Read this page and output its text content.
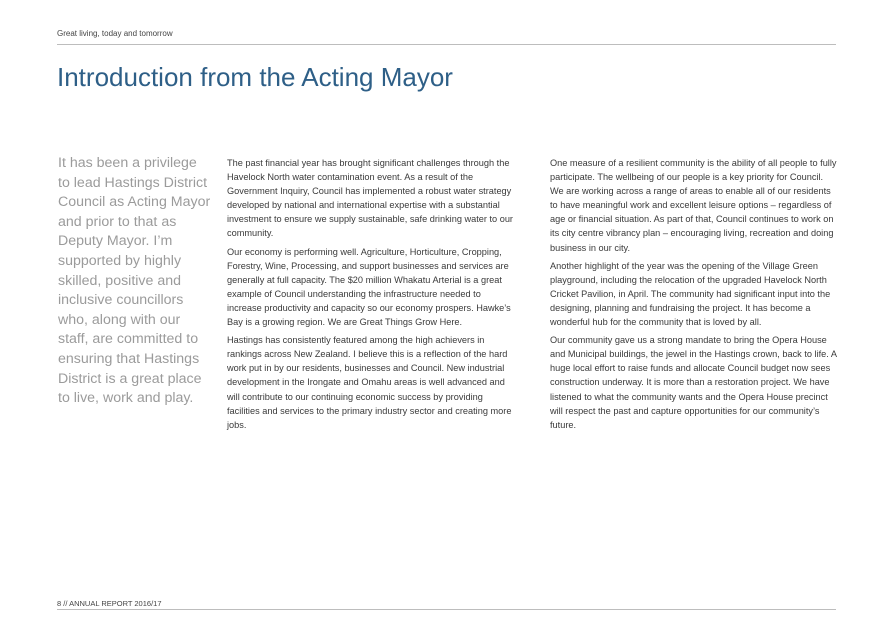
Great living, today and tomorrow
Introduction from the Acting Mayor
It has been a privilege to lead Hastings District Council as Acting Mayor and prior to that as Deputy Mayor. I’m supported by highly skilled, positive and inclusive councillors who, along with our staff, are committed to ensuring that Hastings District is a great place to live, work and play.

The past financial year has brought significant challenges through the Havelock North water contamination event. As a result of the Government Inquiry, Council has implemented a robust water strategy developed by national and international expertise with a substantial investment to ensure we supply sustainable, safe drinking water to our community.

Our economy is performing well. Agriculture, Horticulture, Cropping, Forestry, Wine, Processing, and support businesses and services are generally at full capacity. The $20 million Whakatu Arterial is a great example of Council understanding the infrastructure needed to increase productivity and capacity so our economy prospers. Hawke’s Bay is a growing region. We are Great Things Grow Here.

Hastings has consistently featured among the high achievers in rankings across New Zealand. I believe this is a reflection of the hard work put in by our residents, businesses and Council. New industrial development in the Irongate and Omahu areas is well advanced and will contribute to our continuing economic success by providing facilities and services to the primary industry sector and creating more jobs.

One measure of a resilient community is the ability of all people to fully participate. The wellbeing of our people is a key priority for Council. We are working across a range of areas to enable all of our residents to have meaningful work and excellent leisure options – regardless of age or financial situation. As part of that, Council continues to work on its city centre vibrancy plan – encouraging living, recreation and doing business in our city.

Another highlight of the year was the opening of the Village Green playground, including the relocation of the upgraded Havelock North Cricket Pavilion, in April. The community had significant input into the designing, planning and fundraising the project. It has become a wonderful hub for the community that is loved by all.

Our community gave us a strong mandate to bring the Opera House and Municipal buildings, the jewel in the Hastings crown, back to life. A huge local effort to raise funds and allocate Council budget now sees construction underway. It is more than a restoration project. We have listened to what the community wants and the Opera House precinct will respect the past and capture opportunities for our community’s future.

8 // ANNUAL REPORT 2016/17
